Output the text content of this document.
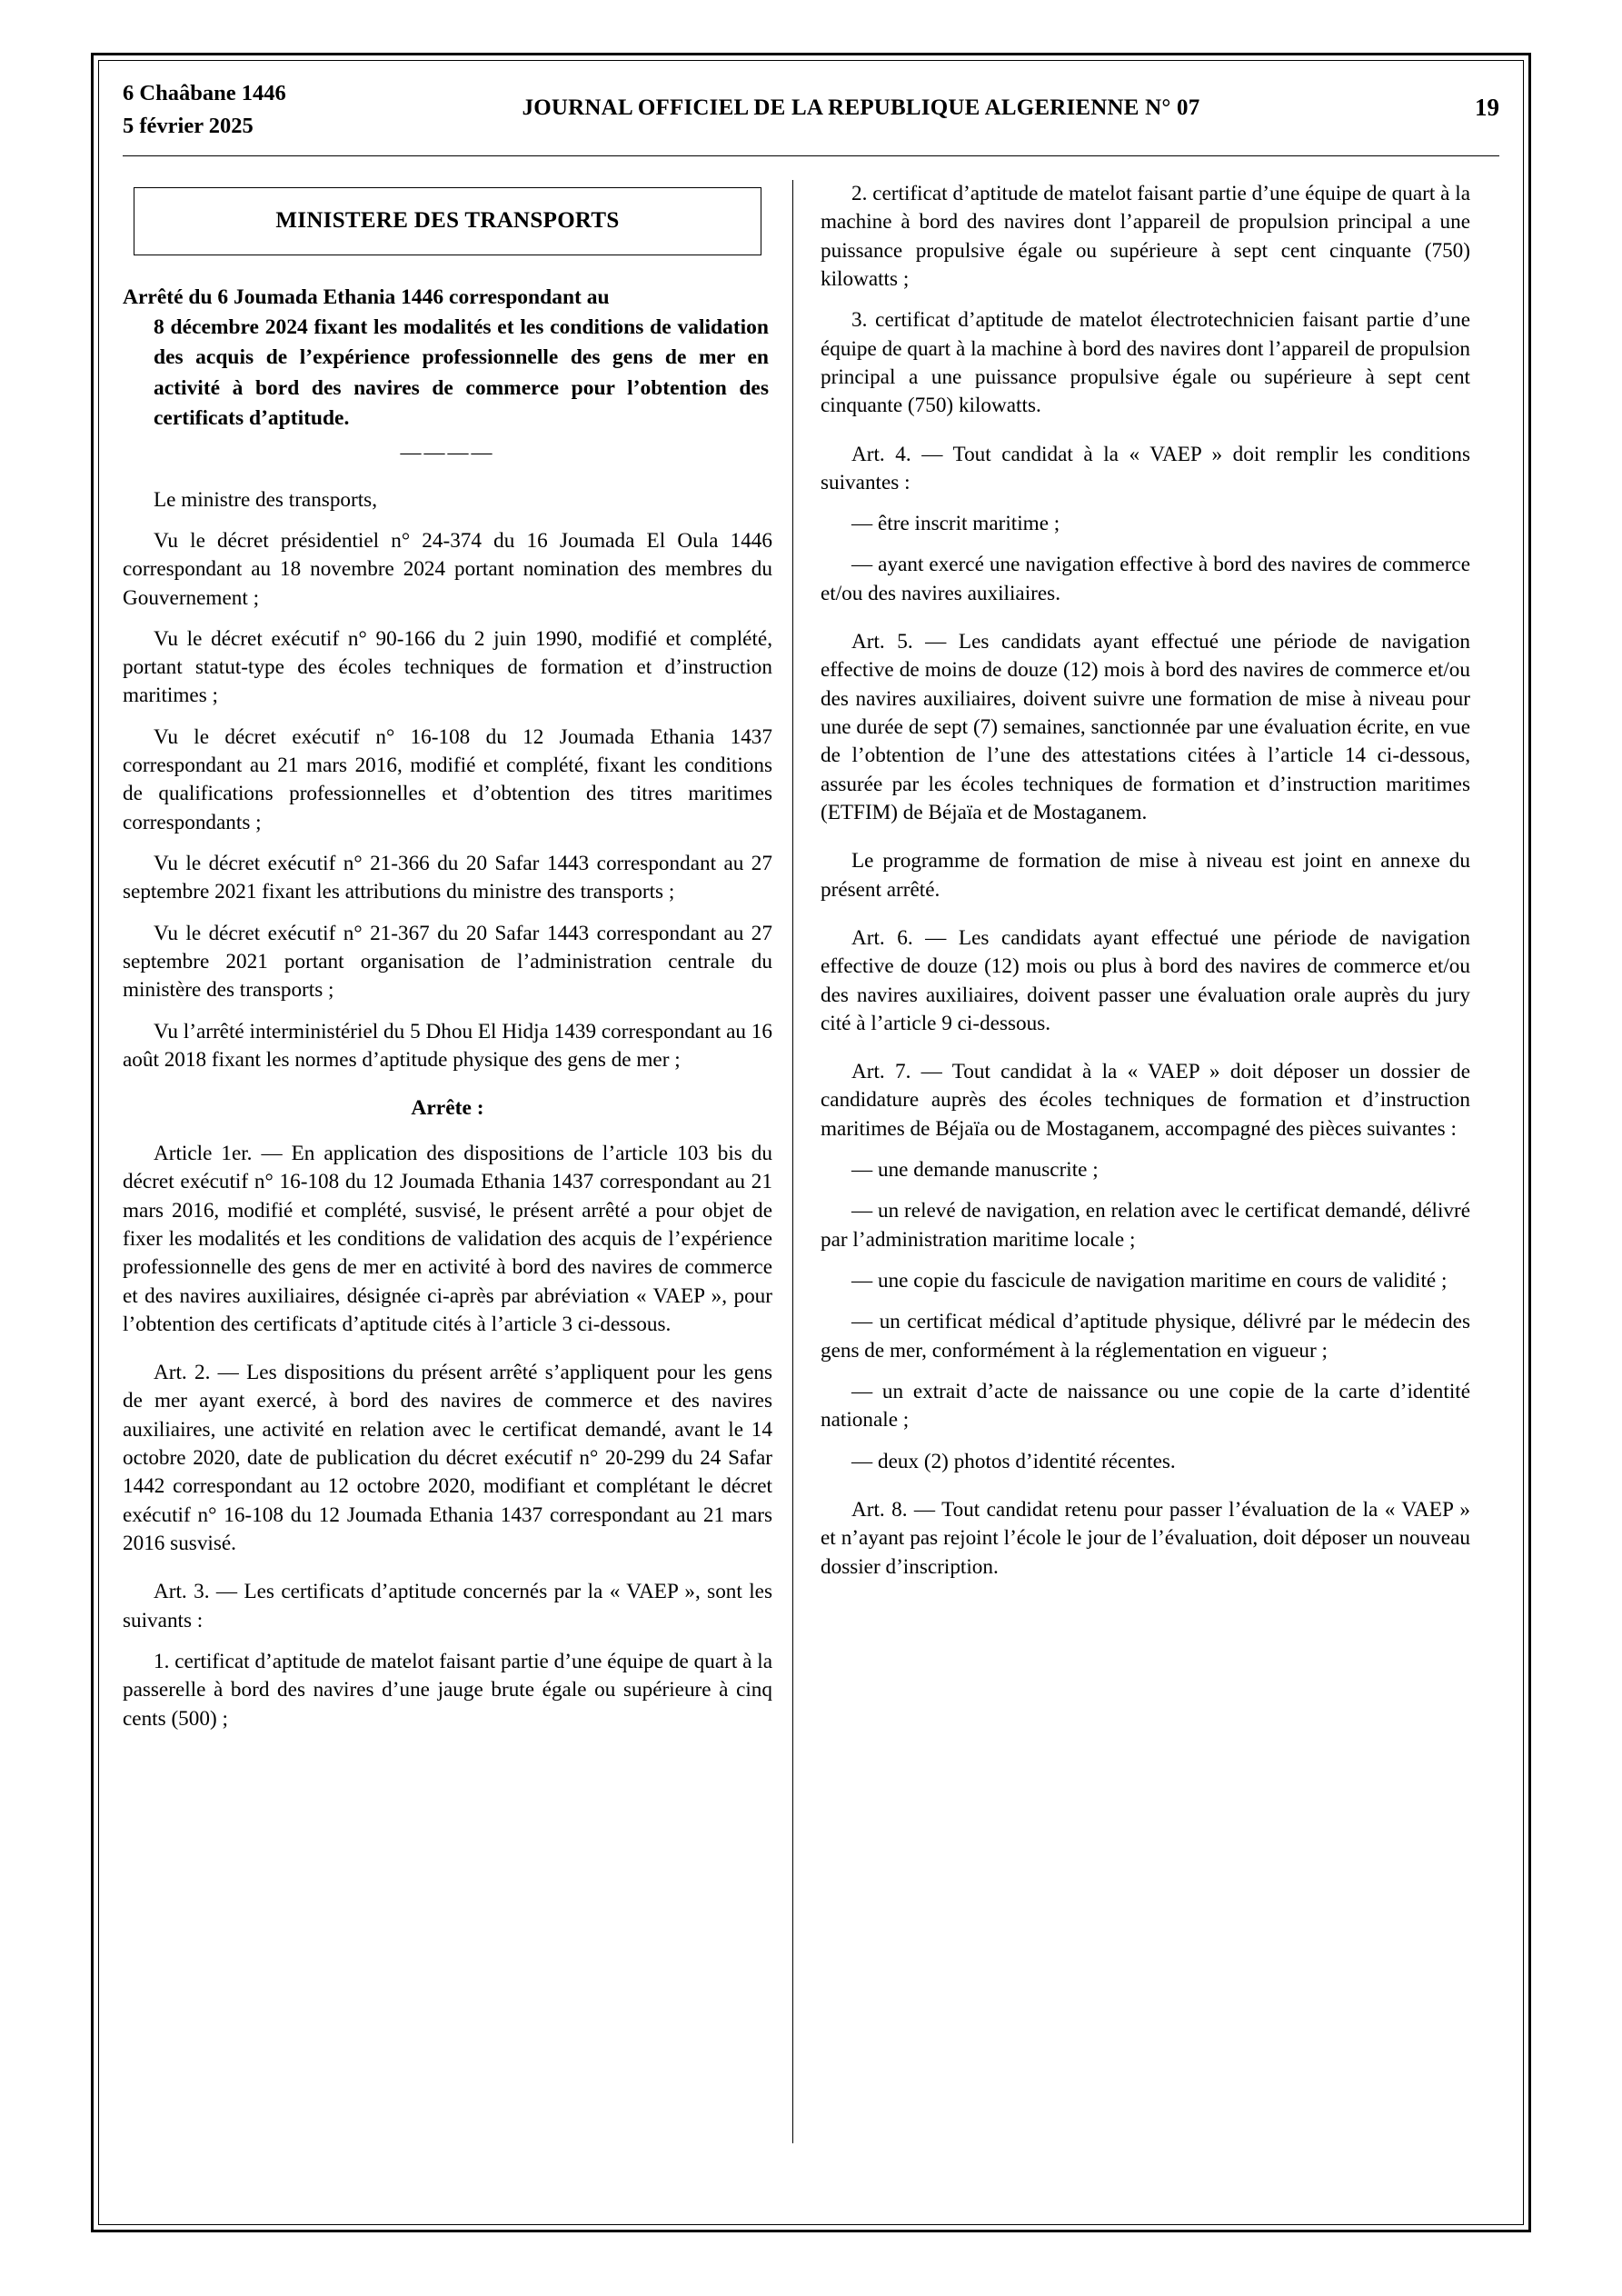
6 Chaâbane 1446
5 février 2025
JOURNAL OFFICIEL DE LA REPUBLIQUE ALGERIENNE N° 07	19
MINISTERE DES TRANSPORTS
Arrêté du 6 Joumada Ethania 1446 correspondant au
8 décembre 2024 fixant les modalités et les conditions de validation des acquis de l’expérience professionnelle des gens de mer en activité à bord des navires de commerce pour l’obtention des certificats d’aptitude.
————

Le ministre des transports,

Vu le décret présidentiel n° 24-374 du 16 Joumada El Oula 1446 correspondant au 18 novembre 2024 portant nomination des membres du Gouvernement ;

Vu le décret exécutif n° 90-166 du 2 juin 1990, modifié et complété, portant statut-type des écoles techniques de formation et d’instruction maritimes ;

Vu le décret exécutif n° 16-108 du 12 Joumada Ethania 1437 correspondant au 21 mars 2016, modifié et complété, fixant les conditions de qualifications professionnelles et d’obtention des titres maritimes correspondants ;

Vu le décret exécutif n° 21-366 du 20 Safar 1443 correspondant au 27 septembre 2021 fixant les attributions du ministre des transports ;

Vu le décret exécutif n° 21-367 du 20 Safar 1443 correspondant au 27 septembre 2021 portant organisation de l’administration centrale du ministère des transports ;

Vu l’arrêté interministériel du 5 Dhou El Hidja 1439 correspondant au 16 août 2018 fixant les normes d’aptitude physique des gens de mer ;

Arrête :

Article 1er. — En application des dispositions de l’article 103 bis du décret exécutif n° 16-108 du 12 Joumada Ethania 1437 correspondant au 21 mars 2016, modifié et complété, susvisé, le présent arrêté a pour objet de fixer les modalités et les conditions de validation des acquis de l’expérience professionnelle des gens de mer en activité à bord des navires de commerce et des navires auxiliaires, désignée ci-après par abréviation « VAEP », pour l’obtention des certificats d’aptitude cités à l’article 3 ci-dessous.

Art. 2. — Les dispositions du présent arrêté s’appliquent pour les gens de mer ayant exercé, à bord des navires de commerce et des navires auxiliaires, une activité en relation avec le certificat demandé, avant le 14 octobre 2020, date de publication du décret exécutif n° 20-299 du 24 Safar 1442 correspondant au 12 octobre 2020, modifiant et complétant le décret exécutif n° 16-108 du 12 Joumada Ethania 1437 correspondant au 21 mars 2016 susvisé.

Art. 3. — Les certificats d’aptitude concernés par la « VAEP », sont les suivants :

1. certificat d’aptitude de matelot faisant partie d’une équipe de quart à la passerelle à bord des navires d’une jauge brute égale ou supérieure à cinq cents (500) ;

2. certificat d’aptitude de matelot faisant partie d’une équipe de quart à la machine à bord des navires dont l’appareil de propulsion principal a une puissance propulsive égale ou supérieure à sept cent cinquante (750) kilowatts ;

3. certificat d’aptitude de matelot électrotechnicien faisant partie d’une équipe de quart à la machine à bord des navires dont l’appareil de propulsion principal a une puissance propulsive égale ou supérieure à sept cent cinquante (750) kilowatts.

Art. 4. — Tout candidat à la « VAEP » doit remplir les conditions suivantes :

— être inscrit maritime ;

— ayant exercé une navigation effective à bord des navires de commerce et/ou des navires auxiliaires.

Art. 5. — Les candidats ayant effectué une période de navigation effective de moins de douze (12) mois à bord des navires de commerce et/ou des navires auxiliaires, doivent suivre une formation de mise à niveau pour une durée de sept (7) semaines, sanctionnée par une évaluation écrite, en vue de l’obtention de l’une des attestations citées à l’article 14 ci-dessous, assurée par les écoles techniques de formation et d’instruction maritimes (ETFIM) de Béjaïa et de Mostaganem.

Le programme de formation de mise à niveau est joint en annexe du présent arrêté.

Art. 6. — Les candidats ayant effectué une période de navigation effective de douze (12) mois ou plus à bord des navires de commerce et/ou des navires auxiliaires, doivent passer une évaluation orale auprès du jury cité à l’article 9 ci-dessous.

Art. 7. — Tout candidat à la « VAEP » doit déposer un dossier de candidature auprès des écoles techniques de formation et d’instruction maritimes de Béjaïa ou de Mostaganem, accompagné des pièces suivantes :

— une demande manuscrite ;

— un relevé de navigation, en relation avec le certificat demandé, délivré par l’administration maritime locale ;

— une copie du fascicule de navigation maritime en cours de validité ;

— un certificat médical d’aptitude physique, délivré par le médecin des gens de mer, conformément à la réglementation en vigueur ;

— un extrait d’acte de naissance ou une copie de la carte d’identité nationale ;

— deux (2) photos d’identité récentes.

Art. 8. — Tout candidat retenu pour passer l’évaluation de la « VAEP » et n’ayant pas rejoint l’école le jour de l’évaluation, doit déposer un nouveau dossier d’inscription.
